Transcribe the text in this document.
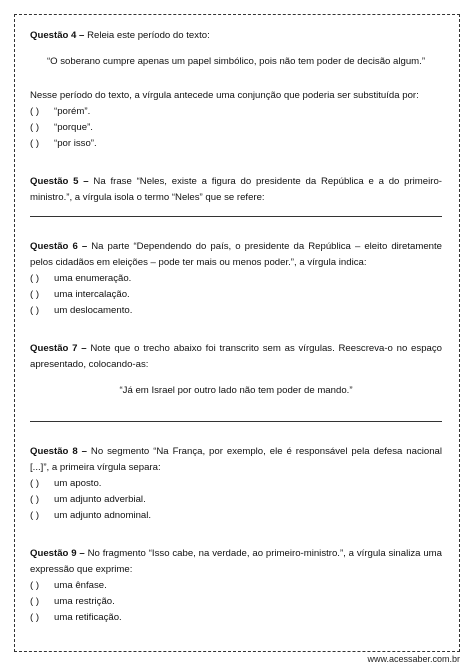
Questão 4 – Releia este período do texto:

“O soberano cumpre apenas um papel simbólico, pois não tem poder de decisão algum.”

Nesse período do texto, a vírgula antecede uma conjunção que poderia ser substituída por:

( ) “porém”.

( ) “porque”.

( ) “por isso”.

Questão 5 – Na frase “Neles, existe a figura do presidente da República e a do primeiro-ministro.”, a vírgula isola o termo “Neles” que se refere:

Questão 6 – Na parte “Dependendo do país, o presidente da República – eleito diretamente pelos cidadãos em eleições – pode ter mais ou menos poder.”, a vírgula indica:

( ) uma enumeração.

( ) uma intercalação.

( ) um deslocamento.

Questão 7 – Note que o trecho abaixo foi transcrito sem as vírgulas. Reescreva-o no espaço apresentado, colocando-as:

“Já em Israel por outro lado não tem poder de mando.”

Questão 8 – No segmento “Na França, por exemplo, ele é responsável pela defesa nacional [...]”, a primeira vírgula separa:

( ) um aposto.

( ) um adjunto adverbial.

( ) um adjunto adnominal.

Questão 9 – No fragmento “Isso cabe, na verdade, ao primeiro-ministro.”, a vírgula sinaliza uma expressão que exprime:

( ) uma ênfase.

( ) uma restrição.

( ) uma retificação.

www.acessaber.com.br
